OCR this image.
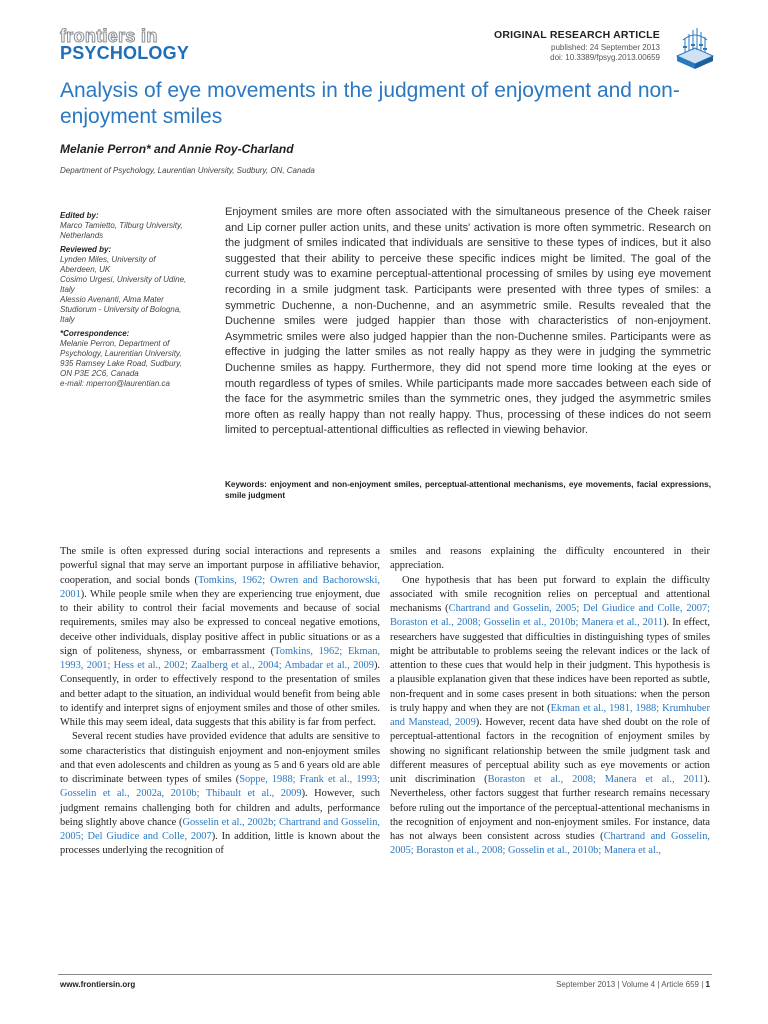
frontiers in
PSYCHOLOGY
ORIGINAL RESEARCH ARTICLE
published: 24 September 2013
doi: 10.3389/fpsyg.2013.00659
Analysis of eye movements in the judgment of enjoyment and non-enjoyment smiles
Melanie Perron* and Annie Roy-Charland
Department of Psychology, Laurentian University, Sudbury, ON, Canada
Edited by:
Marco Tamietto, Tilburg University,
Netherlands
Reviewed by:
Lynden Miles, University of
Aberdeen, UK
Cosimo Urgesi, University of Udine,
Italy
Alessio Avenanti, Alma Mater
Studiorum - University of Bologna,
Italy
*Correspondence:
Melanie Perron, Department of
Psychology, Laurentian University,
935 Ramsey Lake Road, Sudbury,
ON P3E 2C6, Canada
e-mail: mperron@laurentian.ca
Enjoyment smiles are more often associated with the simultaneous presence of the Cheek raiser and Lip corner puller action units, and these units' activation is more often symmetric. Research on the judgment of smiles indicated that individuals are sensitive to these types of indices, but it also suggested that their ability to perceive these specific indices might be limited. The goal of the current study was to examine perceptual-attentional processing of smiles by using eye movement recording in a smile judgment task. Participants were presented with three types of smiles: a symmetric Duchenne, a non-Duchenne, and an asymmetric smile. Results revealed that the Duchenne smiles were judged happier than those with characteristics of non-enjoyment. Asymmetric smiles were also judged happier than the non-Duchenne smiles. Participants were as effective in judging the latter smiles as not really happy as they were in judging the symmetric Duchenne smiles as happy. Furthermore, they did not spend more time looking at the eyes or mouth regardless of types of smiles. While participants made more saccades between each side of the face for the asymmetric smiles than the symmetric ones, they judged the asymmetric smiles more often as really happy than not really happy. Thus, processing of these indices do not seem limited to perceptual-attentional difficulties as reflected in viewing behavior.
Keywords: enjoyment and non-enjoyment smiles, perceptual-attentional mechanisms, eye movements, facial expressions, smile judgment

The smile is often expressed during social interactions and represents a powerful signal that may serve an important purpose in affiliative behavior, cooperation, and social bonds (Tomkins, 1962; Owren and Bachorowski, 2001). While people smile when they are experiencing true enjoyment, due to their ability to control their facial movements and because of social requirements, smiles may also be expressed to conceal negative emotions, deceive other individuals, display positive affect in public situations or as a sign of politeness, shyness, or embarrassment (Tomkins, 1962; Ekman, 1993, 2001; Hess et al., 2002; Zaalberg et al., 2004; Ambadar et al., 2009). Consequently, in order to effectively respond to the presentation of smiles and better adapt to the situation, an individual would benefit from being able to identify and interpret signs of enjoyment smiles and those of other smiles. While this may seem ideal, data suggests that this ability is far from perfect.

Several recent studies have provided evidence that adults are sensitive to some characteristics that distinguish enjoyment and non-enjoyment smiles and that even adolescents and children as young as 5 and 6 years old are able to discriminate between types of smiles (Soppe, 1988; Frank et al., 1993; Gosselin et al., 2002a, 2010b; Thibault et al., 2009). However, such judgment remains challenging both for children and adults, performance being slightly above chance (Gosselin et al., 2002b; Chartrand and Gosselin, 2005; Del Giudice and Colle, 2007). In addition, little is known about the processes underlying the recognition of

smiles and reasons explaining the difficulty encountered in their appreciation.

One hypothesis that has been put forward to explain the difficulty associated with smile recognition relies on perceptual and attentional mechanisms (Chartrand and Gosselin, 2005; Del Giudice and Colle, 2007; Boraston et al., 2008; Gosselin et al., 2010b; Manera et al., 2011). In effect, researchers have suggested that difficulties in distinguishing types of smiles might be attributable to problems seeing the relevant indices or the lack of attention to these cues that would help in their judgment. This hypothesis is a plausible explanation given that these indices have been reported as subtle, non-frequent and in some cases present in both situations: when the person is truly happy and when they are not (Ekman et al., 1981, 1988; Krumhuber and Manstead, 2009). However, recent data have shed doubt on the role of perceptual-attentional factors in the recognition of enjoyment smiles by showing no significant relationship between the smile judgment task and different measures of perceptual ability such as eye movements or action unit discrimination (Boraston et al., 2008; Manera et al., 2011). Nevertheless, other factors suggest that further research remains necessary before ruling out the importance of the perceptual-attentional mechanisms in the recognition of enjoyment and non-enjoyment smiles. For instance, data has not always been consistent across studies (Chartrand and Gosselin, 2005; Boraston et al., 2008; Gosselin et al., 2010b; Manera et al.,

www.frontiersin.org	September 2013 | Volume 4 | Article 659 | 1
